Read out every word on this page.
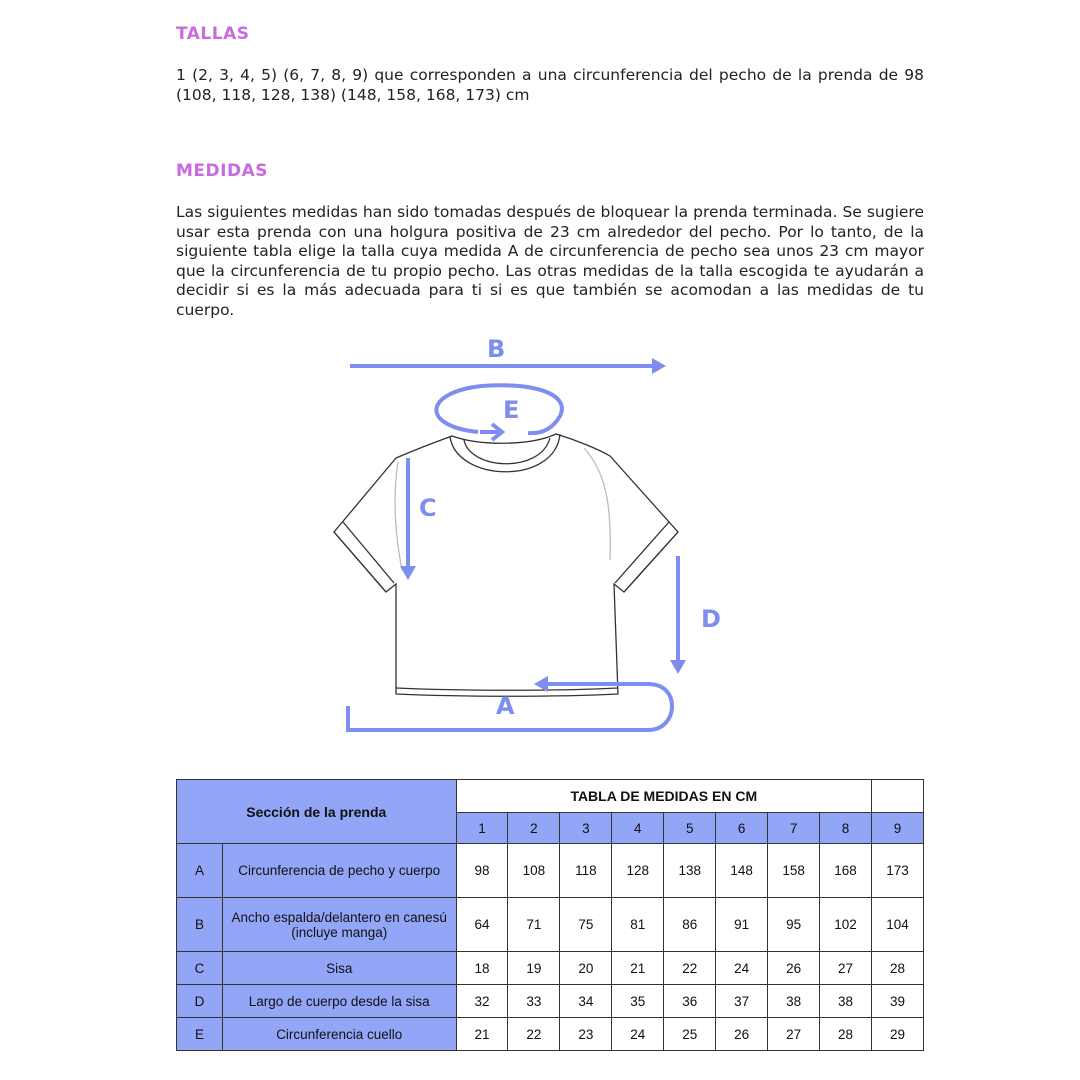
TALLAS
1 (2, 3, 4, 5) (6, 7, 8, 9) que corresponden a una circunferencia del pecho de la prenda de 98 (108, 118, 128, 138) (148, 158, 168, 173) cm
MEDIDAS
Las siguientes medidas han sido tomadas después de bloquear la prenda terminada. Se sugiere usar esta prenda con una holgura positiva de 23 cm alrededor del pecho. Por lo tanto, de la siguiente tabla elige la talla cuya medida A de circunferencia de pecho sea unos 23 cm mayor que la circunferencia de tu propio pecho. Las otras medidas de la talla escogida te ayudarán a decidir si es la más adecuada para ti si es que también se acomodan a las medidas de tu cuerpo.
B
E
C
D
A
Sección de la prenda		TABLA DE MEDIDAS EN CM								
		1	2	3	4	5	6	7	8	9
A	Circunferencia de pecho y cuerpo	98	108	118	128	138	148	158	168	173
B	Ancho espalda/delantero en canesú (incluye manga)	64	71	75	81	86	91	95	102	104
C	Sisa	18	19	20	21	22	24	26	27	28
D	Largo de cuerpo desde la sisa	32	33	34	35	36	37	38	38	39
E	Circunferencia cuello	21	22	23	24	25	26	27	28	29
